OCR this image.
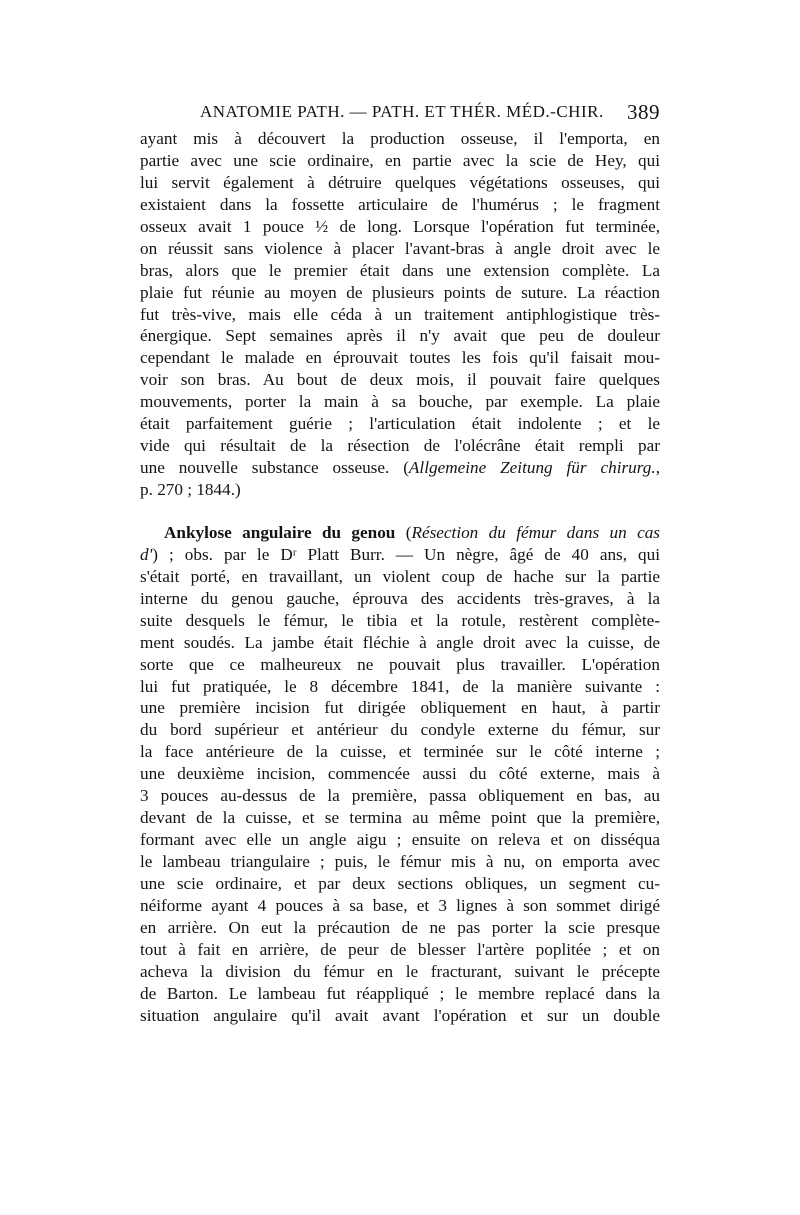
ANATOMIE PATH. — PATH. ET THÉR. MÉD.-CHIR. 389
ayant mis à découvert la production osseuse, il l'emporta, en
partie avec une scie ordinaire, en partie avec la scie de Hey, qui
lui servit également à détruire quelques végétations osseuses, qui
existaient dans la fossette articulaire de l'humérus ; le fragment
osseux avait 1 pouce ½ de long. Lorsque l'opération fut terminée,
on réussit sans violence à placer l'avant-bras à angle droit avec le
bras, alors que le premier était dans une extension complète. La
plaie fut réunie au moyen de plusieurs points de suture. La réaction
fut très-vive, mais elle céda à un traitement antiphlogistique très-
énergique. Sept semaines après il n'y avait que peu de douleur
cependant le malade en éprouvait toutes les fois qu'il faisait mou-
voir son bras. Au bout de deux mois, il pouvait faire quelques
mouvements, porter la main à sa bouche, par exemple. La plaie
était parfaitement guérie ; l'articulation était indolente ; et le
vide qui résultait de la résection de l'olécrâne était rempli par
une nouvelle substance osseuse. (Allgemeine Zeitung für chirurg.,
p. 270 ; 1844.)
Ankylose angulaire du genou (Résection du fémur dans un cas
d') ; obs. par le Dʳ Platt Burr. — Un nègre, âgé de 40 ans, qui
s'était porté, en travaillant, un violent coup de hache sur la partie
interne du genou gauche, éprouva des accidents très-graves, à la
suite desquels le fémur, le tibia et la rotule, restèrent complète-
ment soudés. La jambe était fléchie à angle droit avec la cuisse, de
sorte que ce malheureux ne pouvait plus travailler. L'opération
lui fut pratiquée, le 8 décembre 1841, de la manière suivante :
une première incision fut dirigée obliquement en haut, à partir
du bord supérieur et antérieur du condyle externe du fémur, sur
la face antérieure de la cuisse, et terminée sur le côté interne ;
une deuxième incision, commencée aussi du côté externe, mais à
3 pouces au-dessus de la première, passa obliquement en bas, au
devant de la cuisse, et se termina au même point que la première,
formant avec elle un angle aigu ; ensuite on releva et on disséqua
le lambeau triangulaire ; puis, le fémur mis à nu, on emporta avec
une scie ordinaire, et par deux sections obliques, un segment cu-
néiforme ayant 4 pouces à sa base, et 3 lignes à son sommet dirigé
en arrière. On eut la précaution de ne pas porter la scie presque
tout à fait en arrière, de peur de blesser l'artère poplitée ; et on
acheva la division du fémur en le fracturant, suivant le précepte
de Barton. Le lambeau fut réappliqué ; le membre replacé dans la
situation angulaire qu'il avait avant l'opération et sur un double
